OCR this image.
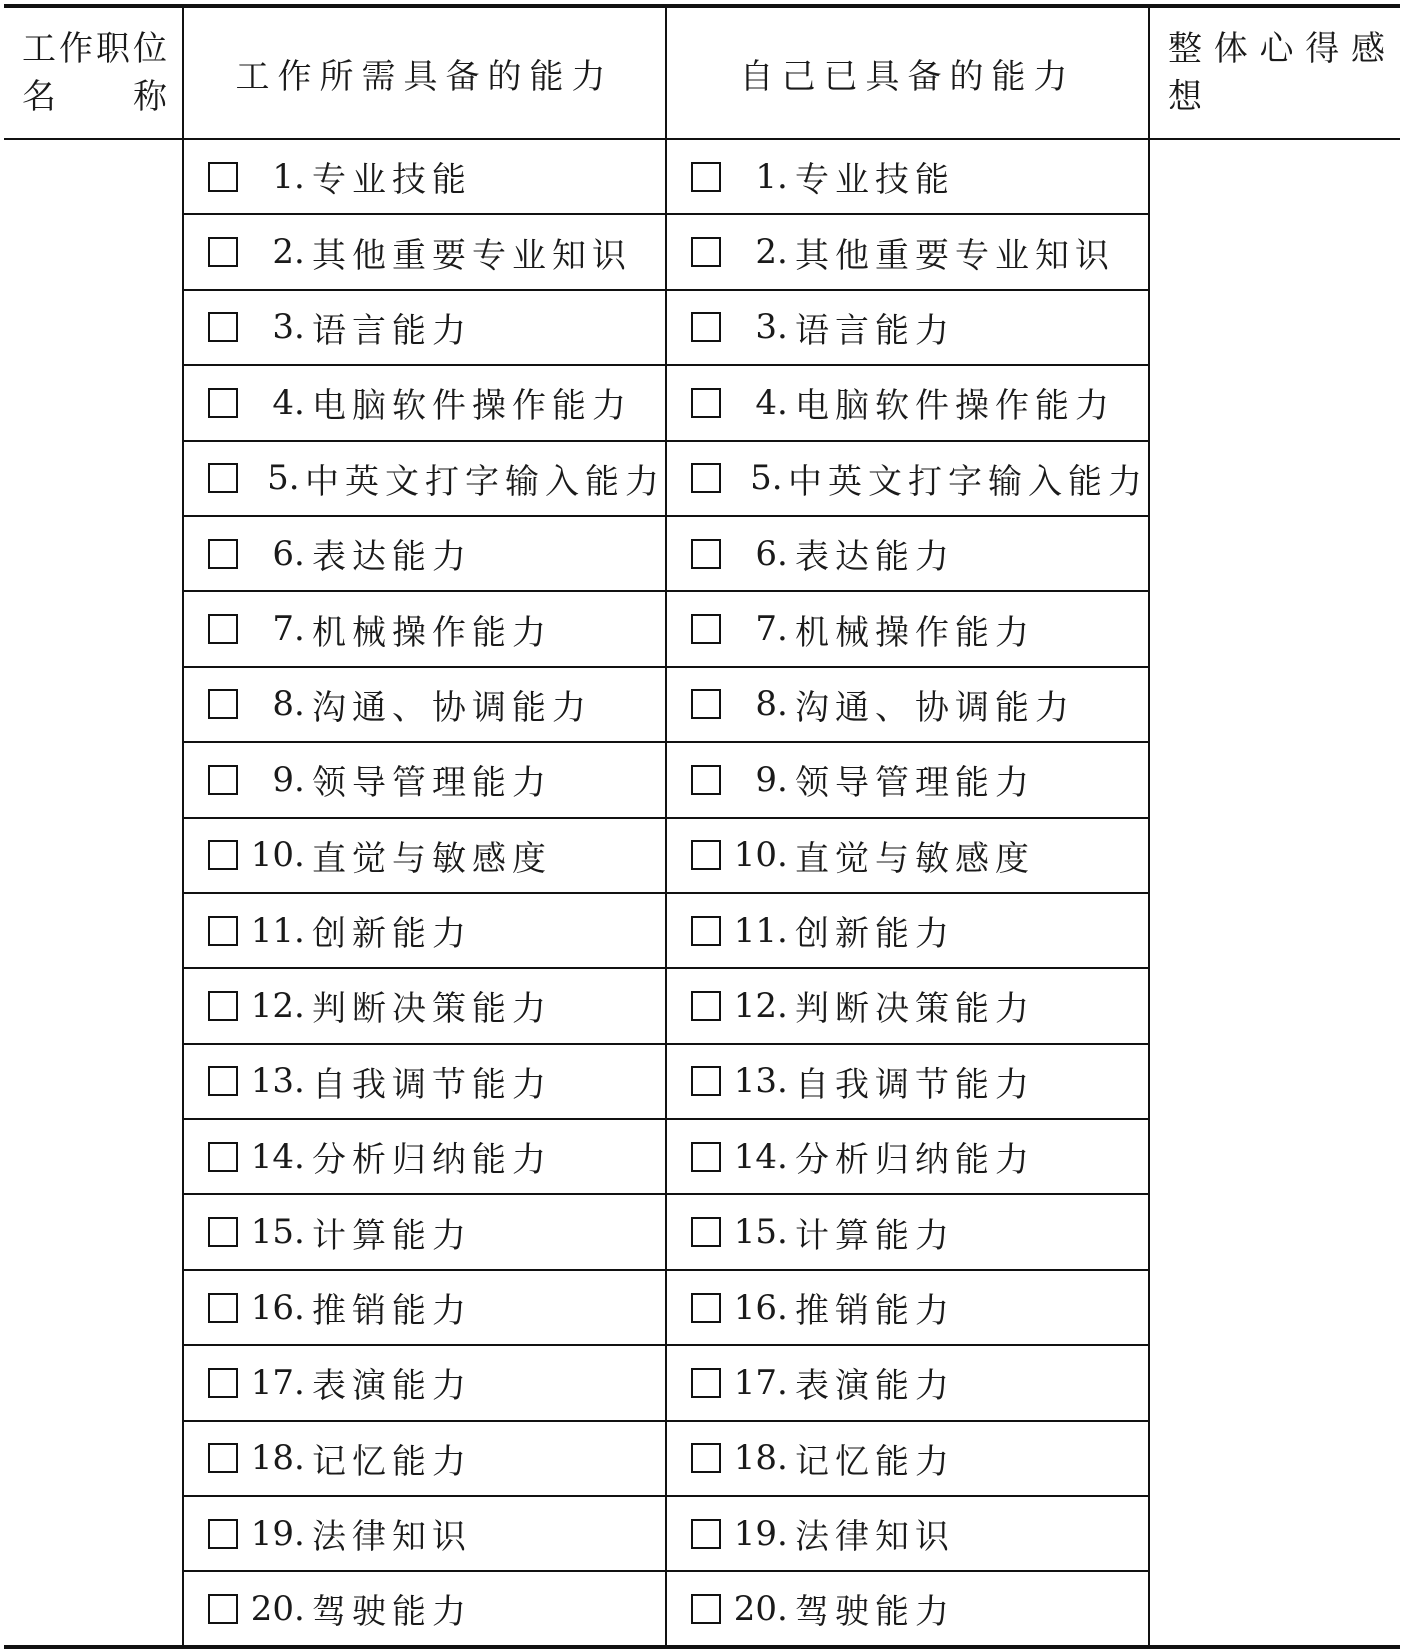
工作职位名称	工作所需具备的能力	自己已具备的能力	整体心得感想

	1 . 专业技能	1 . 专业技能	

	2 . 其他重要专业知识	2 . 其他重要专业知识	

	3 . 语言能力	3 . 语言能力	

	4 . 电脑软件操作能力	4 . 电脑软件操作能力	

	5 . 中英文打字输入能力	5 . 中英文打字输入能力	

	6 . 表达能力	6 . 表达能力	

	7 . 机械操作能力	7 . 机械操作能力	

	8 . 沟通、协调能力	8 . 沟通、协调能力	

	9 . 领导管理能力	9 . 领导管理能力	

	10 . 直觉与敏感度	10 . 直觉与敏感度	

	11 . 创新能力	11 . 创新能力	

	12 . 判断决策能力	12 . 判断决策能力	

	13 . 自我调节能力	13 . 自我调节能力	

	14 . 分析归纳能力	14 . 分析归纳能力	

	15 . 计算能力	15 . 计算能力	

	16 . 推销能力	16 . 推销能力	

	17 . 表演能力	17 . 表演能力	

	18 . 记忆能力	18 . 记忆能力	

	19 . 法律知识	19 . 法律知识	

	20 . 驾驶能力	20 . 驾驶能力	
